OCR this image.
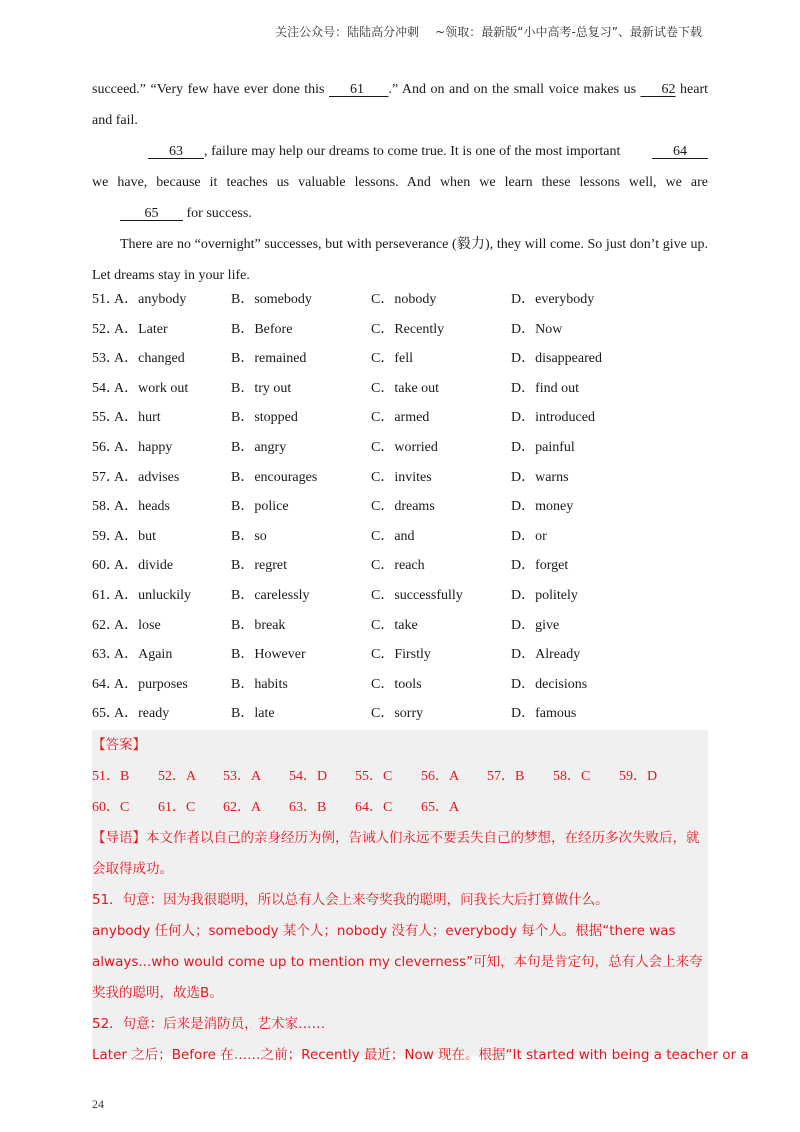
关注公众号：陆陆高分冲刺 ~领取：最新版“小中高考-总复习”、最新试卷下载

succeed.” “Very few have ever done this       61       .” And on and on the small voice makes us       62 heart and fail.

63      , failure may help our dreams to come true. It is one of the most important       64       we have, because it teaches us valuable lessons. And when we learn these lessons well, we are        65        for success.

There are no “overnight” successes, but with perseverance (毅力), they will come. So just don’t give up. Let dreams stay in your life.

51．
A．anybody	B．somebody	C．nobody	D．everybody
52．
A．Later	B．Before	C．Recently	D．Now
53．
A．changed	B．remained	C．fell	D．disappeared
54．
A．work out	B．try out	C．take out	D．find out
55．
A．hurt	B．stopped	C．armed	D．introduced
56．
A．happy	B．angry	C．worried	D．painful
57．
A．advises	B．encourages	C．invites	D．warns
58．
A．heads	B．police	C．dreams	D．money
59．
A．but	B．so	C．and	D．or
60．
A．divide	B．regret	C．reach	D．forget
61．
A．unluckily	B．carelessly	C．successfully	D．politely
62．
A．lose	B．break	C．take	D．give
63．
A．Again	B．However	C．Firstly	D．Already
64．
A．purposes	B．habits	C．tools	D．decisions
65．
A．ready	B．late	C．sorry	D．famous
【答案】
51．B 52．A 53．A 54．D 55．C 56．A 57．B 58．C 59．D
60．C 61．C 62．A 63．B 64．C 65．A
【导语】本文作者以自己的亲身经历为例，告诫人们永远不要丢失自己的梦想，在经历多次失败后，就会取得成功。
51．句意：因为我很聪明，所以总有人会上来夸奖我的聪明，问我长大后打算做什么。
anybody 任何人；somebody 某个人；nobody 没有人；everybody 每个人。根据“there was always...who would come up to mention my cleverness”可知，本句是肯定句，总有人会上来夸奖我的聪明，故选B。
52．句意：后来是消防员，艺术家……
Later 之后；Before 在……之前；Recently 最近；Now 现在。根据“It started with being a teacher or a
24
